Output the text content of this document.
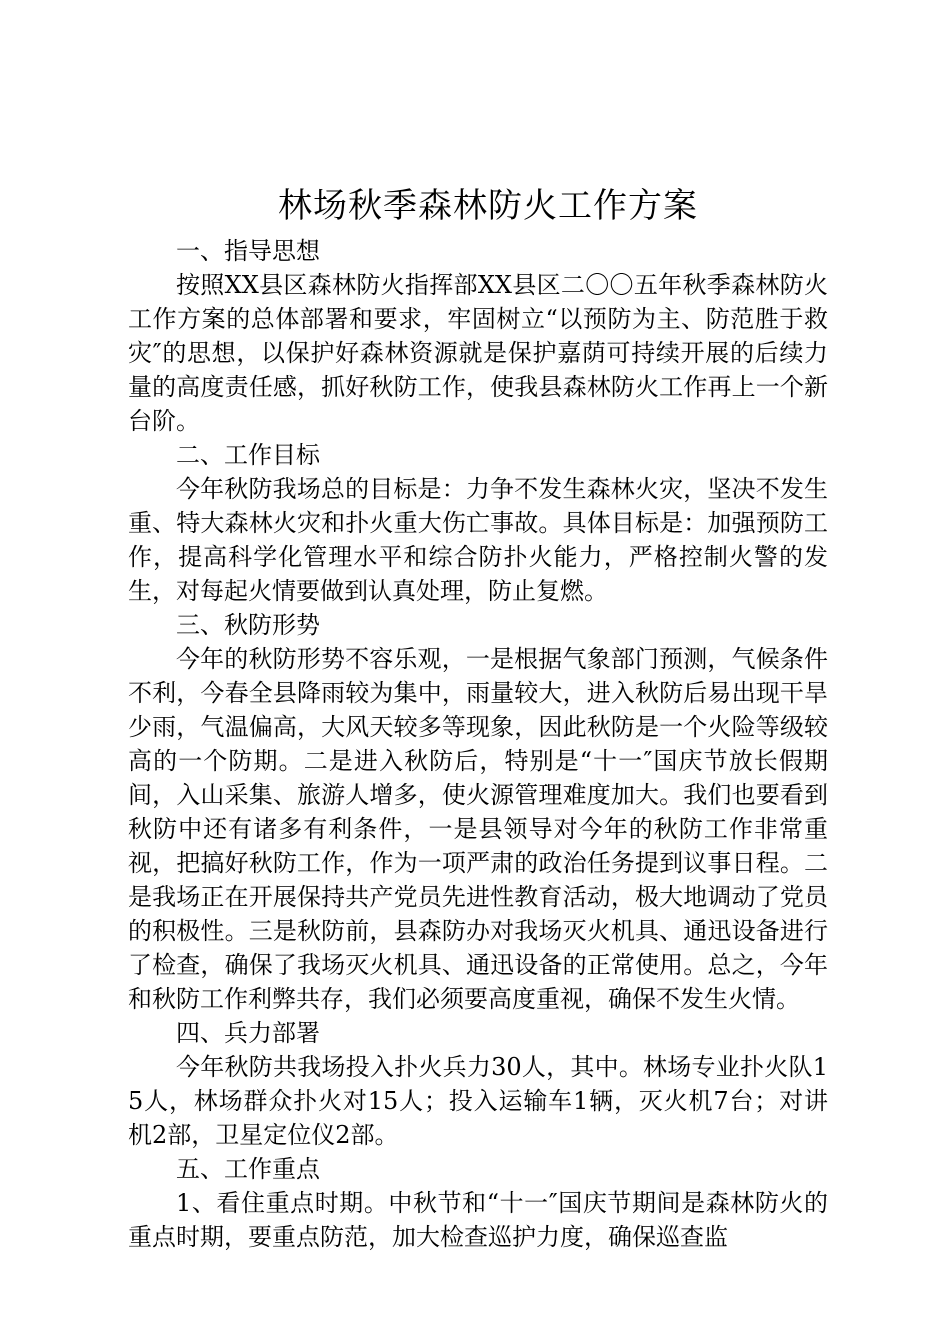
林场秋季森林防火工作方案

一、指导思想

按照XX县区森林防火指挥部XX县区二〇〇五年秋季森林防火工作方案的总体部署和要求，牢固树立“以预防为主、防范胜于救灾″的思想，以保护好森林资源就是保护嘉荫可持续开展的后续力量的高度责任感，抓好秋防工作，使我县森林防火工作再上一个新台阶。

二、工作目标

今年秋防我场总的目标是：力争不发生森林火灾，坚决不发生重、特大森林火灾和扑火重大伤亡事故。具体目标是：加强预防工作，提高科学化管理水平和综合防扑火能力，严格控制火警的发生，对每起火情要做到认真处理，防止复燃。

三、秋防形势

今年的秋防形势不容乐观，一是根据气象部门预测，气候条件不利，今春全县降雨较为集中，雨量较大，进入秋防后易出现干旱少雨，气温偏高，大风天较多等现象，因此秋防是一个火险等级较高的一个防期。二是进入秋防后，特别是“十一″国庆节放长假期间，入山采集、旅游人增多，使火源管理难度加大。我们也要看到秋防中还有诸多有利条件，一是县领导对今年的秋防工作非常重视，把搞好秋防工作，作为一项严肃的政治任务提到议事日程。二是我场正在开展保持共产党员先进性教育活动，极大地调动了党员的积极性。三是秋防前，县森防办对我场灭火机具、通迅设备进行了检查，确保了我场灭火机具、通迅设备的正常使用。总之，今年和秋防工作利弊共存，我们必须要高度重视，确保不发生火情。

四、兵力部署

今年秋防共我场投入扑火兵力30人，其中。林场专业扑火队15人，林场群众扑火对15人；投入运输车1辆，灭火机7台；对讲机2部，卫星定位仪2部。

五、工作重点

1、看住重点时期。中秋节和“十一″国庆节期间是森林防火的重点时期，要重点防范，加大检查巡护力度，确保巡查监
